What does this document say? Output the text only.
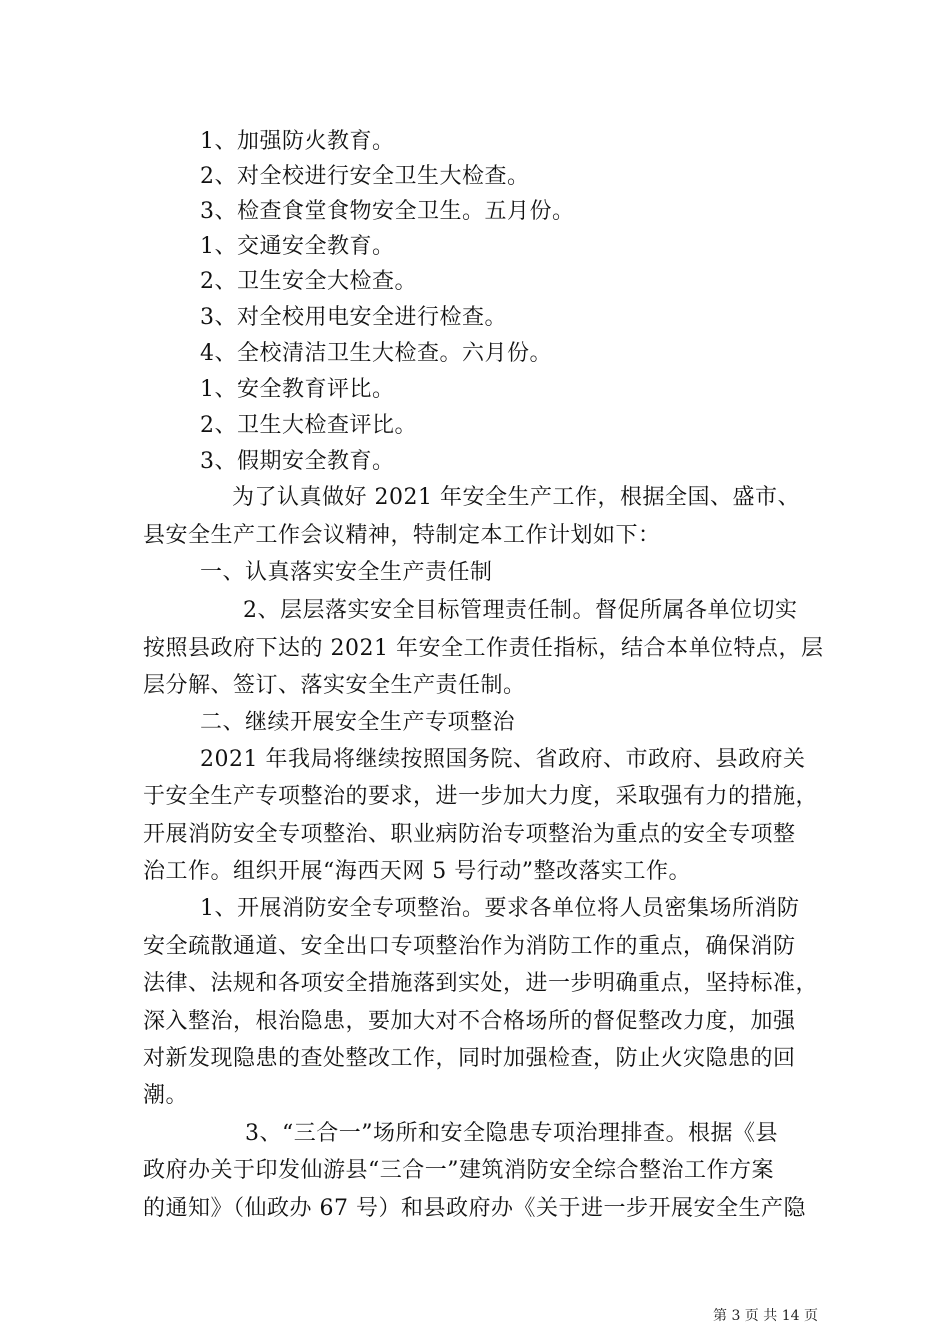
1、加强防火教育。
2、对全校进行安全卫生大检查。
3、检查食堂食物安全卫生。五月份。
1、交通安全教育。
2、卫生安全大检查。
3、对全校用电安全进行检查。
4、全校清洁卫生大检查。六月份。
1、安全教育评比。
2、卫生大检查评比。
3、假期安全教育。
为了认真做好 2021 年安全生产工作，根据全国、盛市、
县安全生产工作会议精神，特制定本工作计划如下：
一、认真落实安全生产责任制
2、层层落实安全目标管理责任制。督促所属各单位切实
按照县政府下达的 2021 年安全工作责任指标，结合本单位特点，层
层分解、签订、落实安全生产责任制。
二、继续开展安全生产专项整治
2021 年我局将继续按照国务院、省政府、市政府、县政府关
于安全生产专项整治的要求，进一步加大力度，采取强有力的措施，
开展消防安全专项整治、职业病防治专项整治为重点的安全专项整
治工作。组织开展“海西天网 5 号行动”整改落实工作。
1、开展消防安全专项整治。要求各单位将人员密集场所消防
安全疏散通道、安全出口专项整治作为消防工作的重点，确保消防
法律、法规和各项安全措施落到实处，进一步明确重点，坚持标准，
深入整治，根治隐患，要加大对不合格场所的督促整改力度，加强
对新发现隐患的查处整改工作，同时加强检查，防止火灾隐患的回
潮。
3、“三合一”场所和安全隐患专项治理排查。根据《县
政府办关于印发仙游县“三合一”建筑消防安全综合整治工作方案
的通知》（仙政办 67 号）和县政府办《关于进一步开展安全生产隐
第 3 页 共 14 页
